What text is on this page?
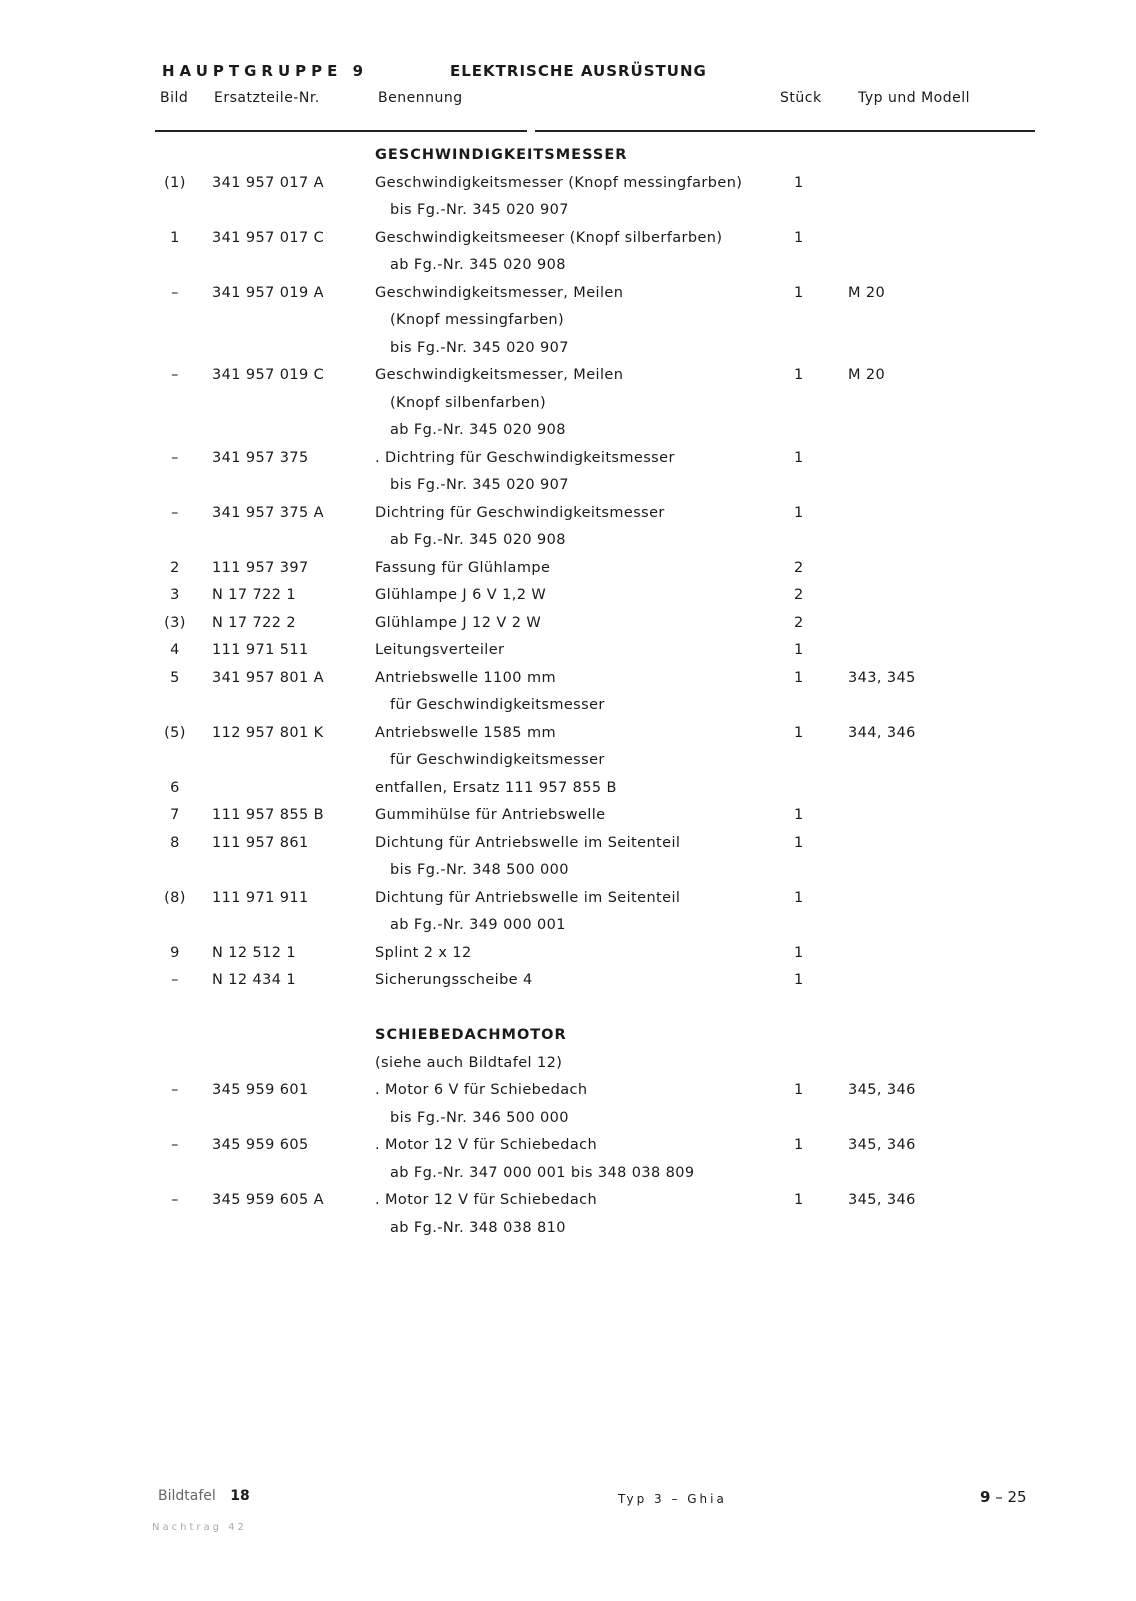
HAUPTGRUPPE 9	ELEKTRISCHE AUSRÜSTUNG
Bild Ersatzteile-Nr.	Benennung	Stück	Typ und Modell
GESCHWINDIGKEITSMESSER
(1) 341 957 017 A	Geschwindigkeitsmesser (Knopf messingfarben)	1
bis Fg.-Nr. 345 020 907
1	341 957 017 C	Geschwindigkeitsmeeser (Knopf silberfarben)	1
ab Fg.-Nr. 345 020 908
–	341 957 019 A	Geschwindigkeitsmesser, Meilen	1	M 20
(Knopf messingfarben)
bis Fg.-Nr. 345 020 907
–	341 957 019 C	Geschwindigkeitsmesser, Meilen	1	M 20
(Knopf silbenfarben)
ab Fg.-Nr. 345 020 908
–	341 957 375	. Dichtring für Geschwindigkeitsmesser	1
bis Fg.-Nr. 345 020 907
–	341 957 375 A	Dichtring für Geschwindigkeitsmesser	1
ab Fg.-Nr. 345 020 908
2	111 957 397	Fassung für Glühlampe	2
3	N 17 722 1	Glühlampe J 6 V 1,2 W	2
(3) N 17 722 2	Glühlampe J 12 V 2 W	2
4	111 971 511	Leitungsverteiler	1
5	341 957 801 A	Antriebswelle 1100 mm	1	343, 345
für Geschwindigkeitsmesser
(5) 112 957 801 K	Antriebswelle 1585 mm	1	344, 346
für Geschwindigkeitsmesser
6	entfallen, Ersatz 111 957 855 B
7	111 957 855 B	Gummihülse für Antriebswelle	1
8	111 957 861	Dichtung für Antriebswelle im Seitenteil	1
bis Fg.-Nr. 348 500 000
(8) 111 971 911	Dichtung für Antriebswelle im Seitenteil	1
ab Fg.-Nr. 349 000 001
9	N 12 512 1	Splint 2 x 12	1
–	N 12 434 1	Sicherungsscheibe 4	1
SCHIEBEDACHMOTOR
(siehe auch Bildtafel 12)
–	345 959 601	. Motor 6 V für Schiebedach	1	345, 346
bis Fg.-Nr. 346 500 000
–	345 959 605	. Motor 12 V für Schiebedach	1	345, 346
ab Fg.-Nr. 347 000 001 bis 348 038 809
–	345 959 605 A	. Motor 12 V für Schiebedach	1	345, 346
ab Fg.-Nr. 348 038 810
Bildtafel 18	Typ 3 – Ghia	9 – 25
Nachtrag 42
